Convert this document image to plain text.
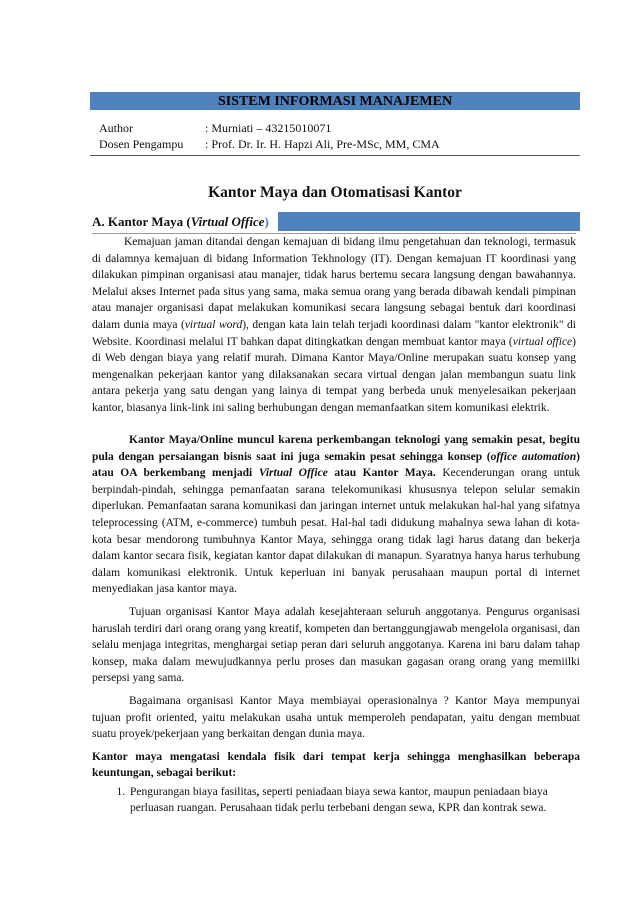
SISTEM INFORMASI MANAJEMEN
Author	: Murniati – 43215010071
Dosen Pengampu	: Prof. Dr. Ir. H. Hapzi Ali, Pre-MSc, MM, CMA
Kantor Maya dan Otomatisasi Kantor
A. Kantor Maya (Virtual Office)

Kemajuan jaman ditandai dengan kemajuan di bidang ilmu pengetahuan dan teknologi, termasuk di dalamnya kemajuan di bidang Information Tekhnology (IT). Dengan kemajuan IT koordinasi yang dilakukan pimpinan organisasi atau manajer, tidak harus bertemu secara langsung dengan bawahannya. Melalui akses Internet pada situs yang sama, maka semua orang yang berada dibawah kendali pimpinan atau manajer organisasi dapat melakukan komunikasi secara langsung sebagai bentuk dari koordinasi dalam dunia maya (virtual word), dengan kata lain telah terjadi koordinasi dalam "kantor elektronik" di Website. Koordinasi melalui IT bahkan dapat ditingkatkan dengan membuat kantor maya (virtual office) di Web dengan biaya yang relatif murah. Dimana Kantor Maya/Online merupakan suatu konsep yang mengenalkan pekerjaan kantor yang dilaksanakan secara virtual dengan jalan membangun suatu link antara pekerja yang satu dengan yang lainya di tempat yang berbeda unuk menyelesaikan pekerjaan kantor, biasanya link-link ini saling berhubungan dengan memanfaatkan sitem komunikasi elektrik.

Kantor Maya/Online muncul karena perkembangan teknologi yang semakin pesat, begitu pula dengan persaiangan bisnis saat ini juga semakin pesat sehingga konsep (office automation) atau OA berkembang menjadi Virtual Office atau Kantor Maya. Kecenderungan orang untuk berpindah-pindah, sehingga pemanfaatan sarana telekomunikasi khususnya telepon selular semakin diperlukan. Pemanfaatan sarana komunikasi dan jaringan internet untuk melakukan hal-hal yang sifatnya teleprocessing (ATM, e-commerce) tumbuh pesat. Hal-hal tadi didukung mahalnya sewa lahan di kota-kota besar mendorong tumbuhnya Kantor Maya, sehingga orang tidak lagi harus datang dan bekerja dalam kantor secara fisik, kegiatan kantor dapat dilakukan di manapun. Syaratnya hanya harus terhubung dalam komunikasi elektronik. Untuk keperluan ini banyak perusahaan maupun portal di internet menyediakan jasa kantor maya.

Tujuan organisasi Kantor Maya adalah kesejahteraan seluruh anggotanya. Pengurus organisasi haruslah terdiri dari orang orang yang kreatif, kompeten dan bertanggungjawab mengelola organisasi, dan selalu menjaga integritas, menghargai setiap peran dari seluruh anggotanya. Karena ini baru dalam tahap konsep, maka dalam mewujudkannya perlu proses dan masukan gagasan orang orang yang memiilki persepsi yang sama.

Bagaimana organisasi Kantor Maya membiayai operasionalnya ? Kantor Maya mempunyai tujuan profit oriented, yaitu melakukan usaha untuk memperoleh pendapatan, yaitu dengan membuat suatu proyek/pekerjaan yang berkaitan dengan dunia maya.

Kantor maya mengatasi kendala fisik dari tempat kerja sehingga menghasilkan beberapa keuntungan, sebagai berikut:

1. Pengurangan biaya fasilitas, seperti peniadaan biaya sewa kantor, maupun peniadaan biaya perluasan ruangan. Perusahaan tidak perlu terbebani dengan sewa, KPR dan kontrak sewa.
